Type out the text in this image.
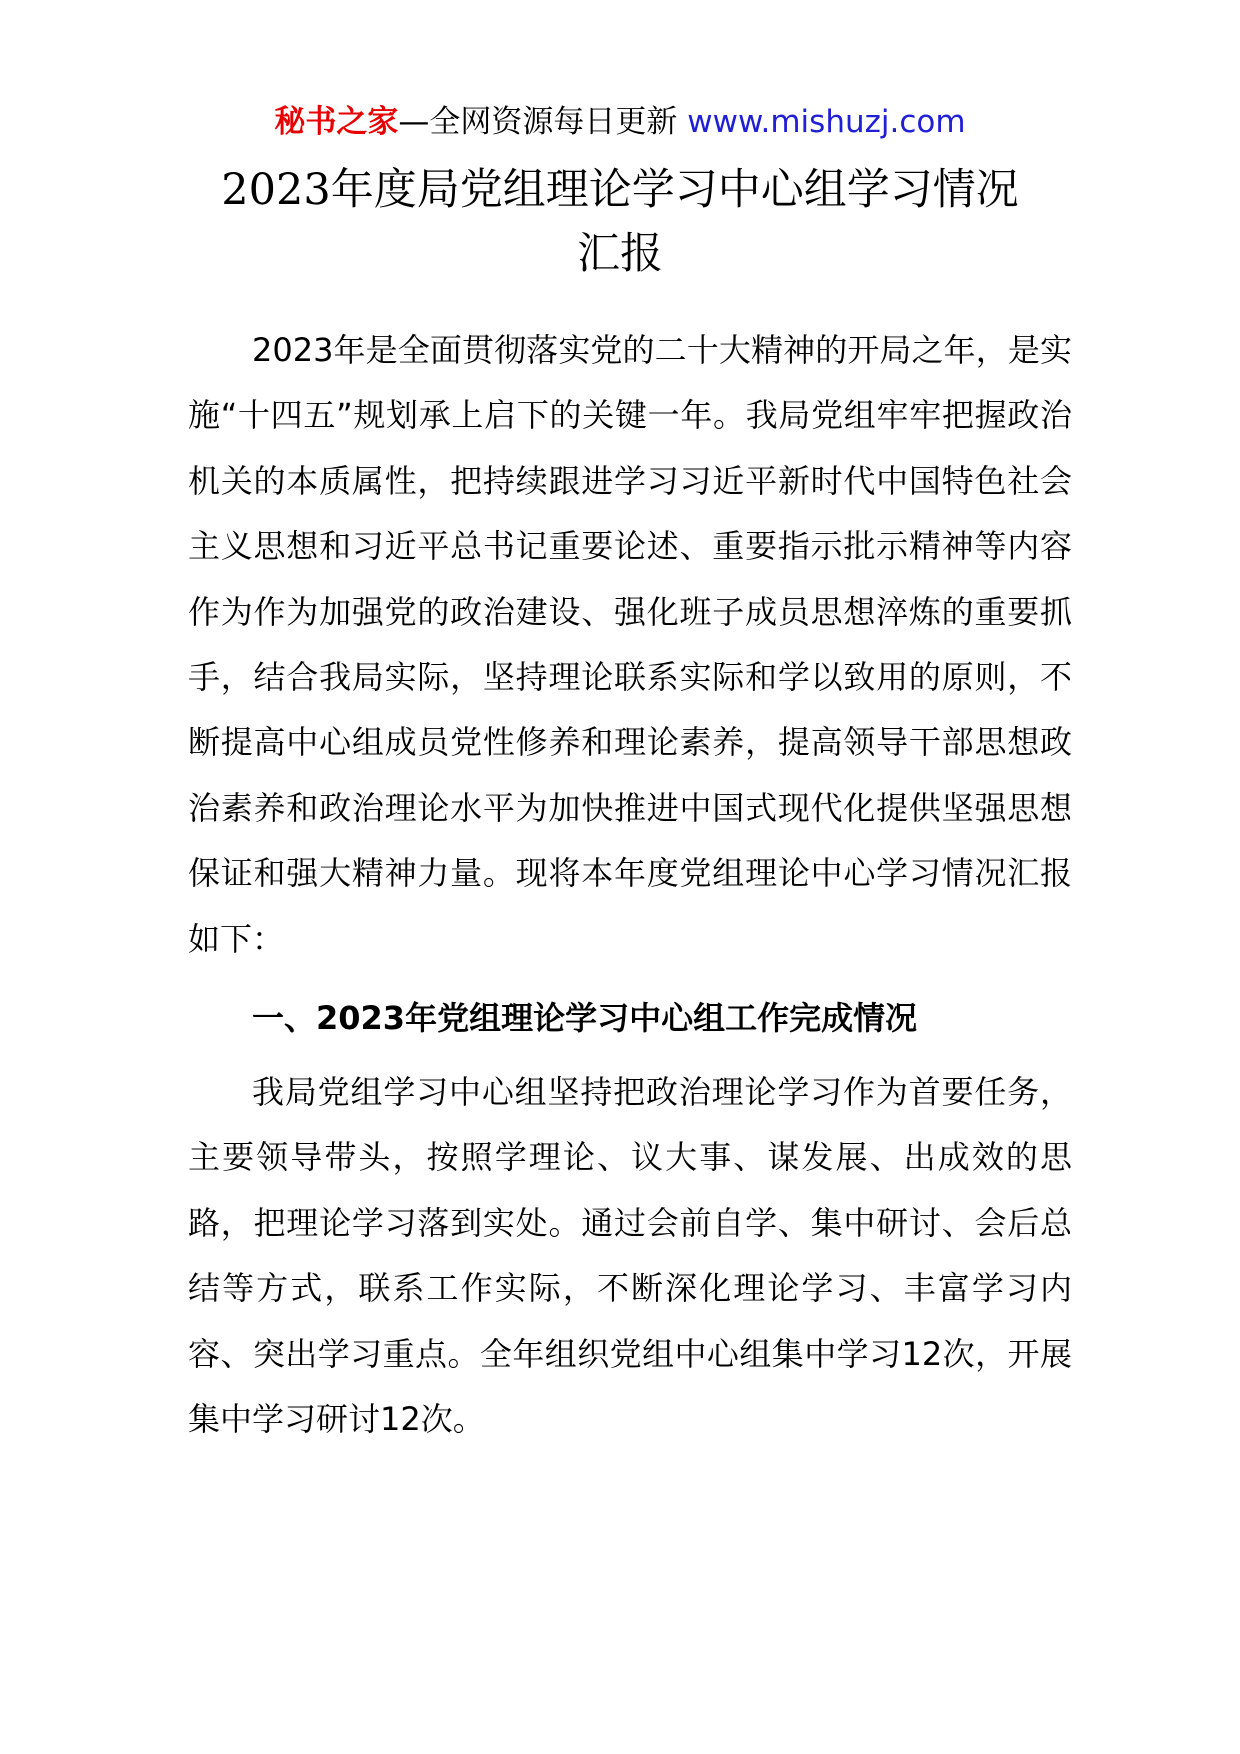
秘书之家—全网资源每日更新 www.mishuzj.com
2023年度局党组理论学习中心组学习情况
汇报

2023年是全面贯彻落实党的二十大精神的开局之年，是实施“十四五”规划承上启下的关键一年。我局党组牢牢把握政治机关的本质属性，把持续跟进学习习近平新时代中国特色社会主义思想和习近平总书记重要论述、重要指示批示精神等内容作为作为加强党的政治建设、强化班子成员思想淬炼的重要抓手，结合我局实际，坚持理论联系实际和学以致用的原则，不断提高中心组成员党性修养和理论素养，提高领导干部思想政治素养和政治理论水平为加快推进中国式现代化提供坚强思想保证和强大精神力量。现将本年度党组理论中心学习情况汇报如下：

一、2023年党组理论学习中心组工作完成情况

我局党组学习中心组坚持把政治理论学习作为首要任务，主要领导带头，按照学理论、议大事、谋发展、出成效的思路，把理论学习落到实处。通过会前自学、集中研讨、会后总结等方式，联系工作实际，不断深化理论学习、丰富学习内容、突出学习重点。全年组织党组中心组集中学习12次，开展集中学习研讨12次。
